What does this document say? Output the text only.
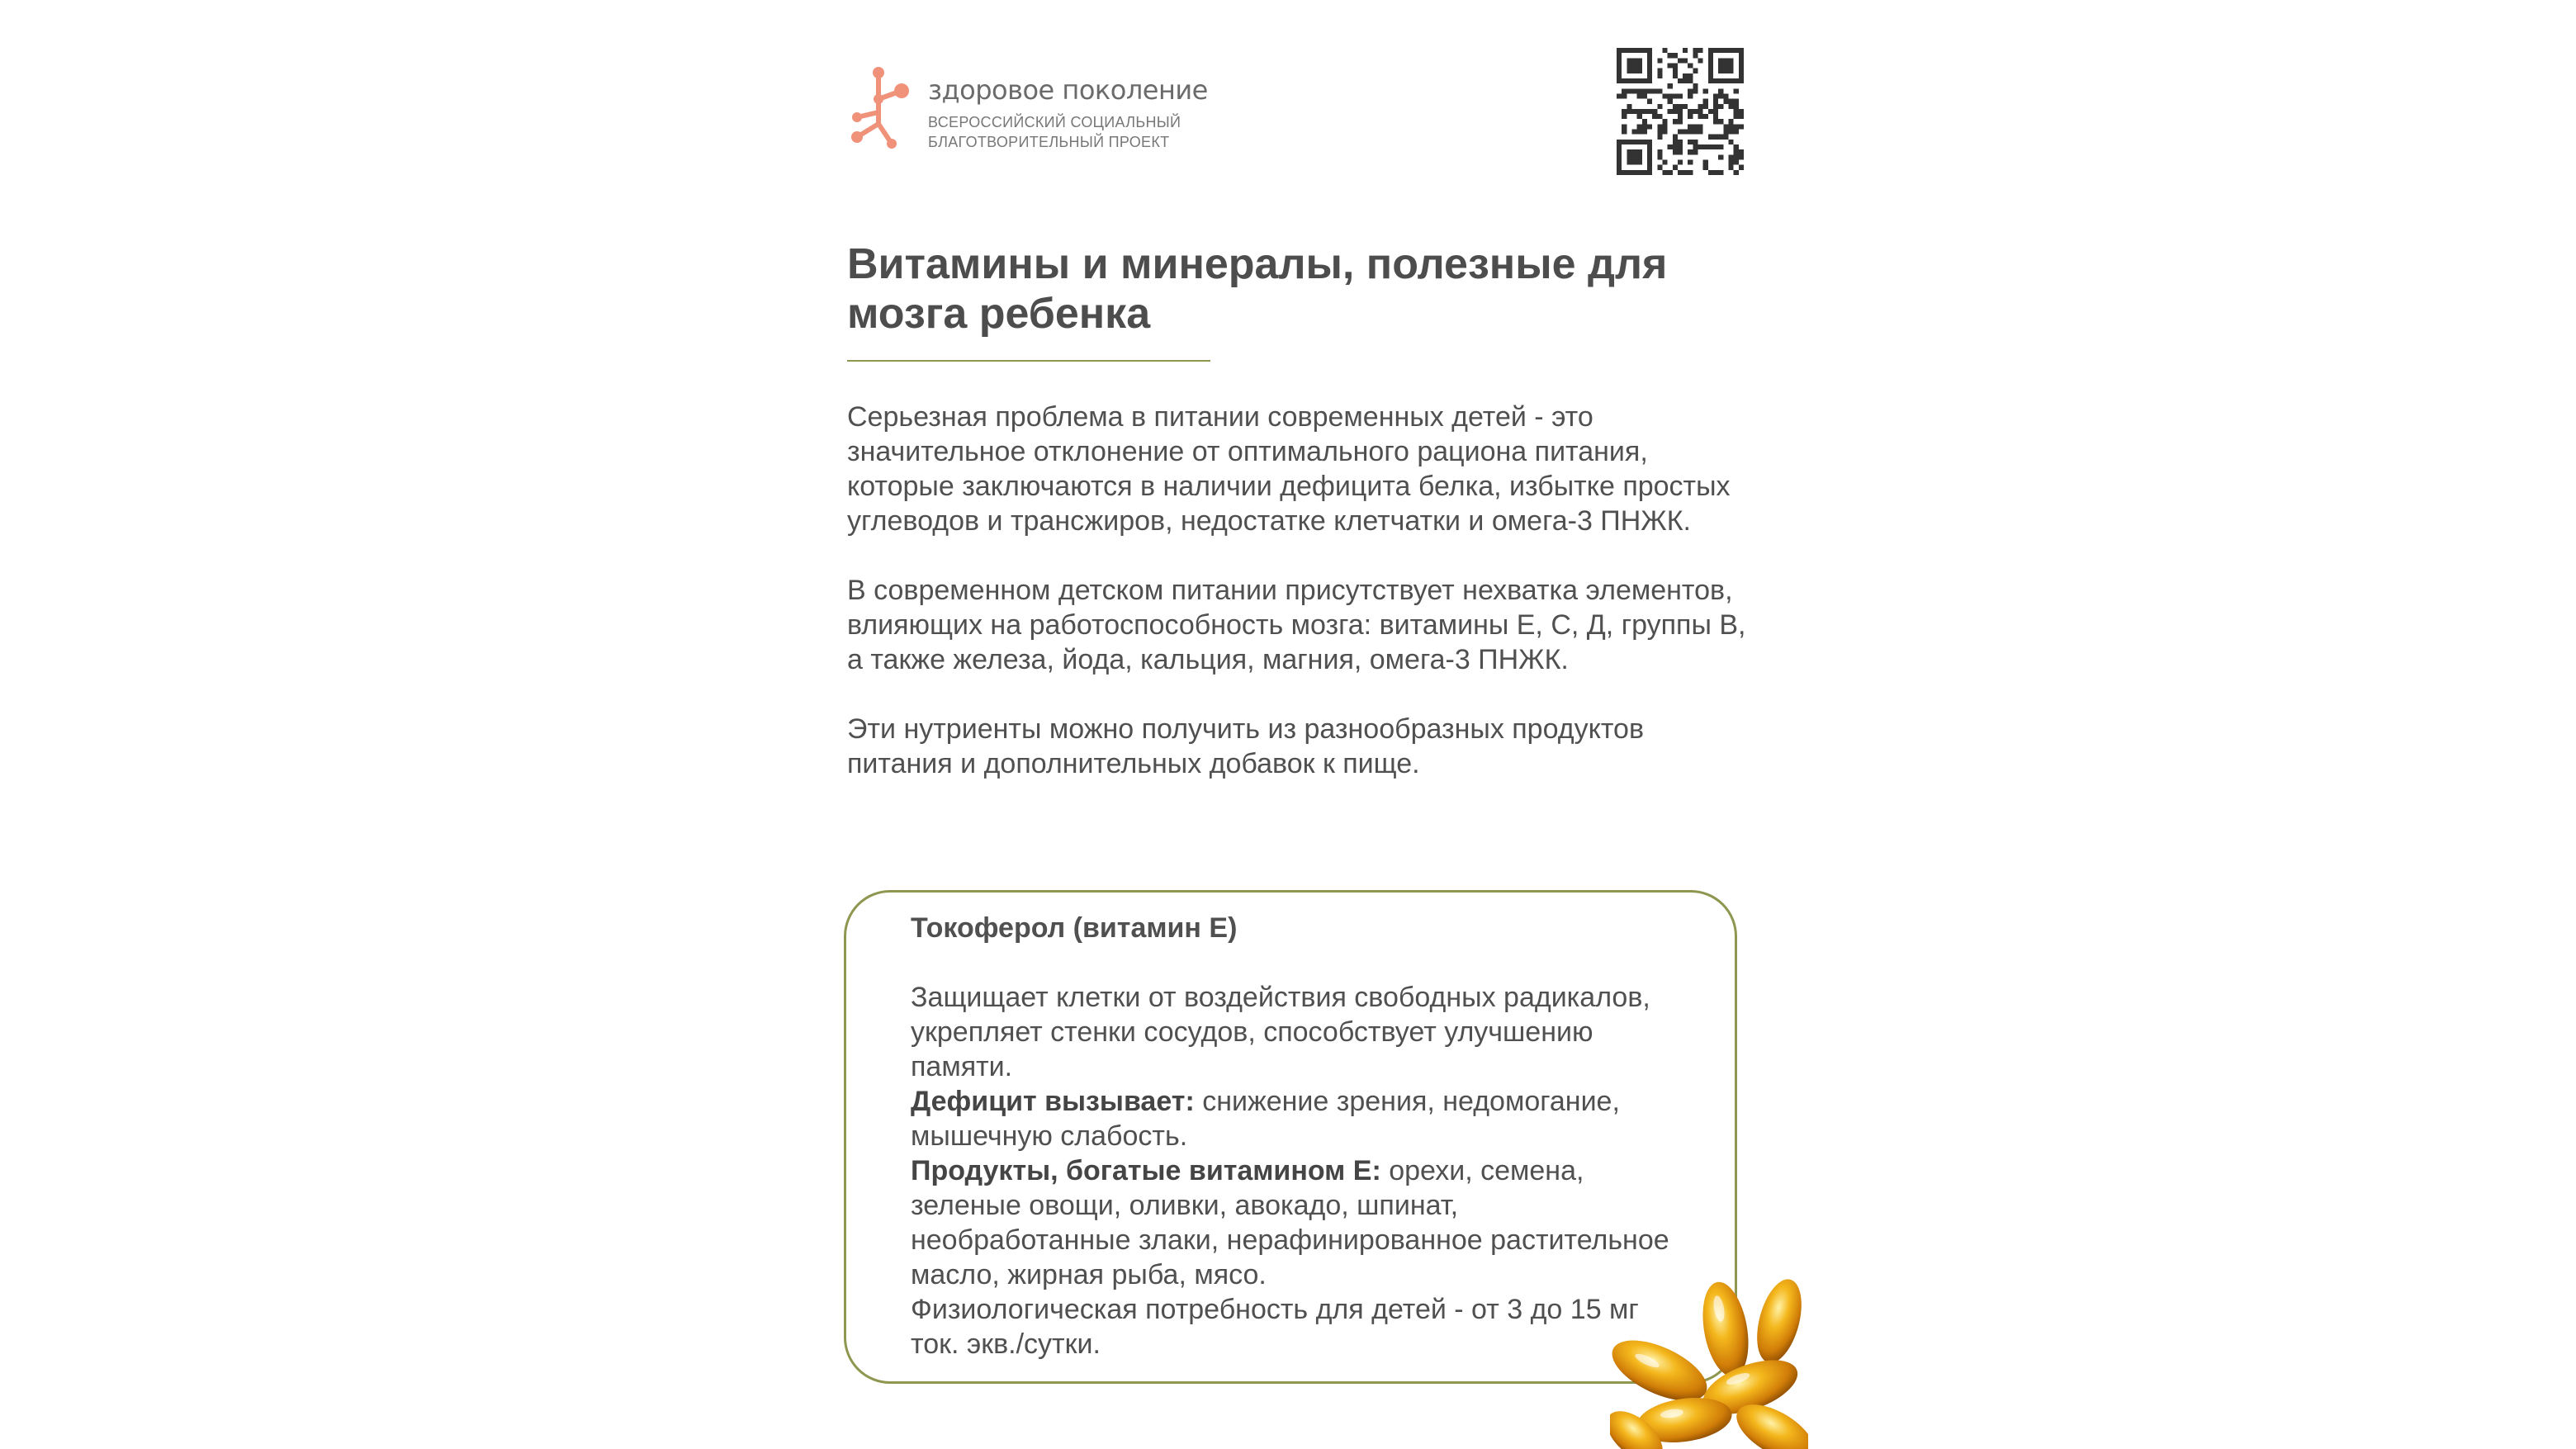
здоровое поколение
ВСЕРОССИЙСКИЙ СОЦИАЛЬНЫЙ
БЛАГОТВОРИТЕЛЬНЫЙ ПРОЕКТ
Витамины и минералы, полезные для мозга ребенка

Серьезная проблема в питании современных детей - это значительное отклонение от оптимального рациона питания, которые заключаются в наличии дефицита белка, избытке простых углеводов и трансжиров, недостатке клетчатки и омега-3 ПНЖК.

В современном детском питании присутствует нехватка элементов, влияющих на работоспособность мозга: витамины Е, С, Д, группы В, а также железа, йода, кальция, магния, омега-3 ПНЖК.

Эти нутриенты можно получить из разнообразных продуктов питания и дополнительных добавок к пище.

Токоферол (витамин Е)

Защищает клетки от воздействия свободных радикалов, укрепляет стенки сосудов, способствует улучшению памяти.

Дефицит вызывает: снижение зрения, недомогание, мышечную слабость.

Продукты, богатые витамином Е: орехи, семена, зеленые овощи, оливки, авокадо, шпинат, необработанные злаки, нерафинированное растительное масло, жирная рыба, мясо.

Физиологическая потребность для детей - от 3 до 15 мг ток. экв./сутки.
